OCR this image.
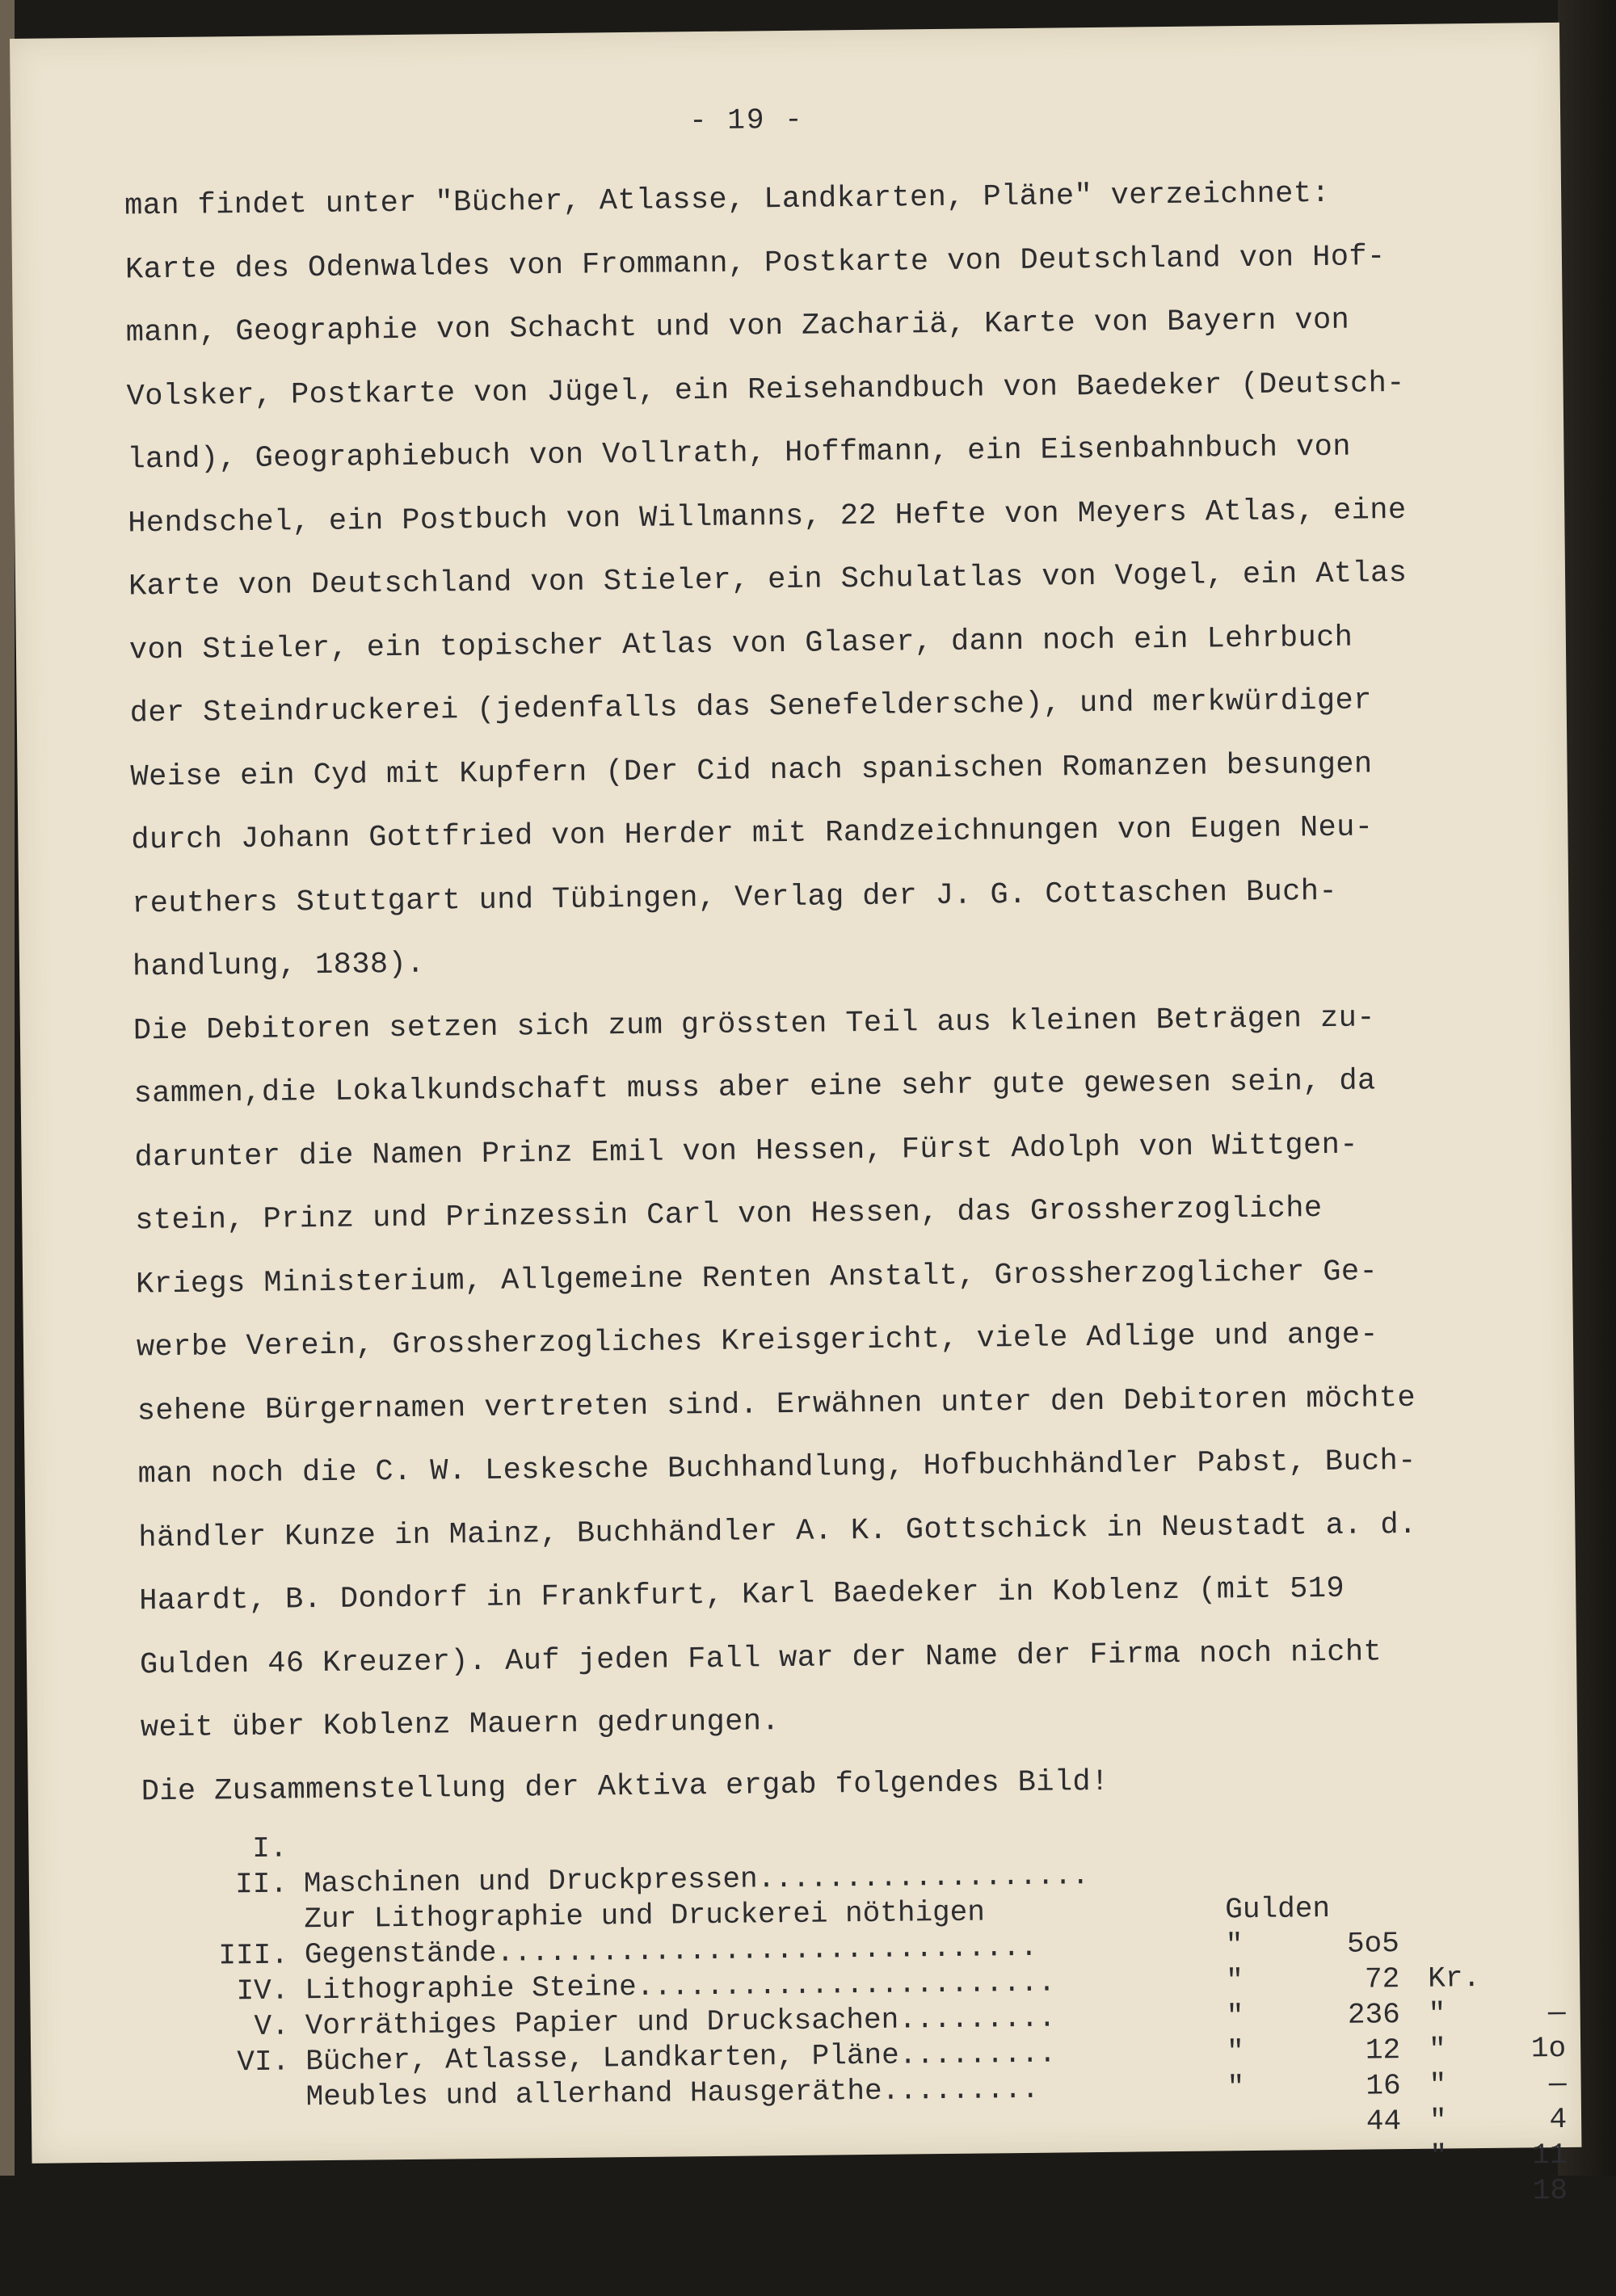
- 19 -
man findet unter "Bücher, Atlasse, Landkarten, Pläne" verzeichnet:
Karte des Odenwaldes von Frommann, Postkarte von Deutschland von Hof-
mann, Geographie von Schacht und von Zachariä, Karte von Bayern von
Volsker, Postkarte von Jügel, ein Reisehandbuch von Baedeker (Deutsch-
land), Geographiebuch von Vollrath, Hoffmann, ein Eisenbahnbuch von
Hendschel, ein Postbuch von Willmanns, 22 Hefte von Meyers Atlas, eine
Karte von Deutschland von Stieler, ein Schulatlas von Vogel, ein Atlas
von Stieler, ein topischer Atlas von Glaser, dann noch ein Lehrbuch
der Steindruckerei (jedenfalls das Senefeldersche), und merkwürdiger
Weise ein Cyd mit Kupfern (Der Cid nach spanischen Romanzen besungen
durch Johann Gottfried von Herder mit Randzeichnungen von Eugen Neu-
reuthers Stuttgart und Tübingen, Verlag der J. G. Cottaschen Buch-
handlung, 1838).
Die Debitoren setzen sich zum grössten Teil aus kleinen Beträgen zu-
sammen,die Lokalkundschaft muss aber eine sehr gute gewesen sein, da
darunter die Namen Prinz Emil von Hessen, Fürst Adolph von Wittgen-
stein, Prinz und Prinzessin Carl von Hessen, das Grossherzogliche
Kriegs Ministerium, Allgemeine Renten Anstalt, Grossherzoglicher Ge-
werbe Verein, Grossherzogliches Kreisgericht, viele Adlige und ange-
sehene Bürgernamen vertreten sind. Erwähnen unter den Debitoren möchte
man noch die C. W. Leskesche Buchhandlung, Hofbuchhändler Pabst, Buch-
händler Kunze in Mainz, Buchhändler A. K. Gottschick in Neustadt a. d.
Haardt, B. Dondorf in Frankfurt, Karl Baedeker in Koblenz (mit 519
Gulden 46 Kreuzer). Auf jeden Fall war der Name der Firma noch nicht
weit über Koblenz Mauern gedrungen.
Die Zusammenstellung der Aktiva ergab folgendes Bild!

I.

Maschinen und Druckpressen...................

Gulden

5o5

Kr.

—

II.

Zur Lithographie und Druckerei nöthigen

"

72

"

1o

Gegenstände...............................

"

236

"

—

III.

Lithographie Steine........................

"

12

"

4

IV.

Vorräthiges Papier und Drucksachen.........

"

16

"

11

V.

Bücher, Atlasse, Landkarten, Pläne.........

"

44

"

18

VI.

Meubles und allerhand Hausgeräthe.........
